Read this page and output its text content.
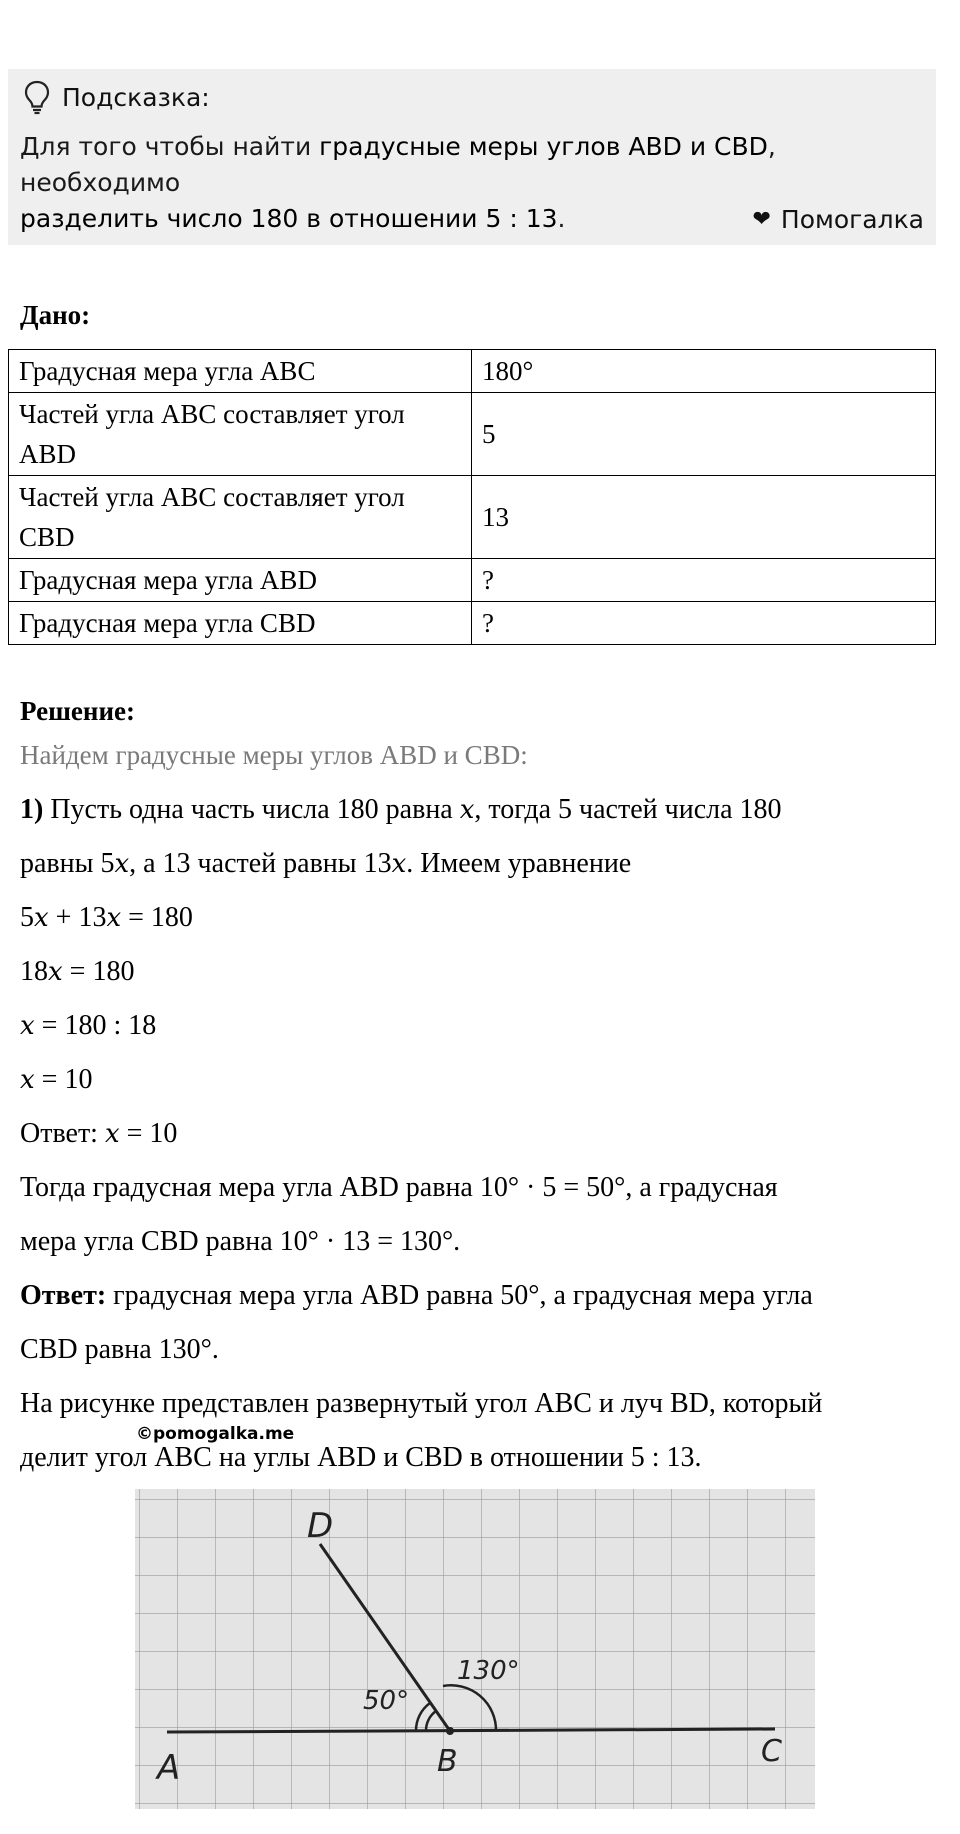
Подсказка:
Для того чтобы найти градусные меры углов ABD и CBD, необходимо
разделить число 180 в отношении 5 : 13.	❤ Помогалка
Дано:
Градусная мера угла ABC	180°
Частей угла ABC составляет угол ABD	5
Частей угла ABC составляет угол CBD	13
Градусная мера угла ABD	?
Градусная мера угла CBD	?
Решение:
Найдем градусные меры углов ABD и CBD:
1) Пусть одна часть числа 180 равна x, тогда 5 частей числа 180
равны 5x, а 13 частей равны 13x. Имеем уравнение
5x + 13x = 180
18x = 180
x = 180 : 18
x = 10
Ответ: x = 10
Тогда градусная мера угла ABD равна 10° · 5 = 50°, а градусная
мера угла CBD равна 10° · 13 = 130°.
Ответ: градусная мера угла ABD равна 50°, а градусная мера угла
CBD равна 130°.
На рисунке представлен развернутый угол ABC и луч BD, который
делит угол ABC на углы ABD и CBD в отношении 5 : 13.
©pomogalka.me
D
50°
130°
A	B	C
